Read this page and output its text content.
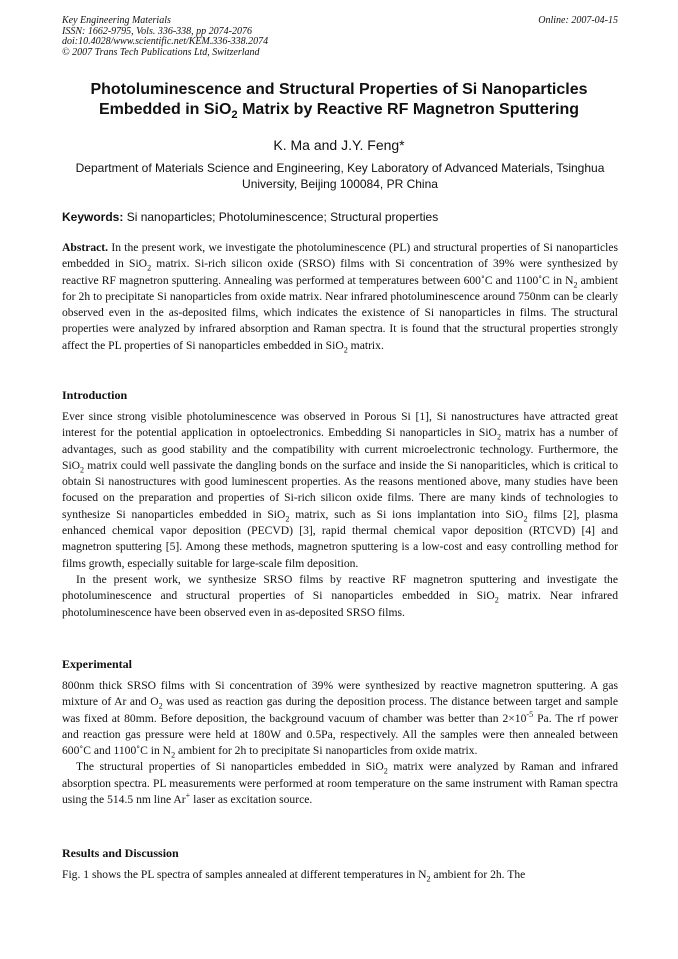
Key Engineering Materials
ISSN: 1662-9795, Vols. 336-338, pp 2074-2076
doi:10.4028/www.scientific.net/KEM.336-338.2074
© 2007 Trans Tech Publications Ltd, Switzerland
Online: 2007-04-15
Photoluminescence and Structural Properties of Si Nanoparticles
Embedded in SiO$_2$ Matrix by Reactive RF Magnetron Sputtering
K. Ma and J.Y. Feng*
Department of Materials Science and Engineering, Key Laboratory of Advanced Materials, Tsinghua University, Beijing 100084, PR China
Keywords: Si nanoparticles; Photoluminescence; Structural properties

Abstract. In the present work, we investigate the photoluminescence (PL) and structural properties of Si nanoparticles embedded in SiO$_2$ matrix. Si-rich silicon oxide (SRSO) films with Si concentration of 39% were synthesized by reactive RF magnetron sputtering. Annealing was performed at temperatures between 600˚C and 1100˚C in $N_2$ ambient for 2h to precipitate Si nanoparticles from oxide matrix. Near infrared photoluminescence around 750nm can be clearly observed even in the as-deposited films, which indicates the existence of Si nanoparticles in films. The structural properties were analyzed by infrared absorption and Raman spectra. It is found that the structural properties strongly affect the PL properties of Si nanoparticles embedded in SiO$_2$ matrix.

Introduction

Ever since strong visible photoluminescence was observed in Porous Si [1], Si nanostructures have attracted great interest for the potential application in optoelectronics. Embedding Si nanoparticles in SiO$_2$ matrix has a number of advantages, such as good stability and the compatibility with current microelectronic technology. Furthermore, the SiO$_2$ matrix could well passivate the dangling bonds on the surface and inside the Si nanopariticles, which is critical to obtain Si nanostructures with good luminescent properties. As the reasons mentioned above, many studies have been focused on the preparation and properties of Si-rich silicon oxide films. There are many kinds of technologies to synthesize Si nanoparticles embedded in SiO$_2$ matrix, such as Si ions implantation into SiO$_2$ films [2], plasma enhanced chemical vapor deposition (PECVD) [3], rapid thermal chemical vapor deposition (RTCVD) [4] and magnetron sputtering [5]. Among these methods, magnetron sputtering is a low-cost and easy controlling method for films growth, especially suitable for large-scale film deposition.

In the present work, we synthesize SRSO films by reactive RF magnetron sputtering and investigate the photoluminescence and structural properties of Si nanoparticles embedded in SiO$_2$ matrix. Near infrared photoluminescence have been observed even in as-deposited SRSO films.

Experimental

800nm thick SRSO films with Si concentration of 39% were synthesized by reactive magnetron sputtering. A gas mixture of Ar and $O_2$ was used as reaction gas during the deposition process. The distance between target and sample was fixed at 80mm. Before deposition, the background vacuum of chamber was better than $2\times 10^{-5}$ Pa. The rf power and reaction gas pressure were held at 180W and 0.5Pa, respectively. All the samples were then annealed between 600˚C and 1100˚C in $N_2$ ambient for 2h to precipitate Si nanoparticles from oxide matrix.

The structural properties of Si nanoparticles embedded in SiO$_2$ matrix were analyzed by Raman and infrared absorption spectra. PL measurements were performed at room temperature on the same instrument with Raman spectra using the 514.5 nm line Ar+ laser as excitation source.

Results and Discussion

Fig. 1 shows the PL spectra of samples annealed at different temperatures in $N_2$ ambient for 2h. The
